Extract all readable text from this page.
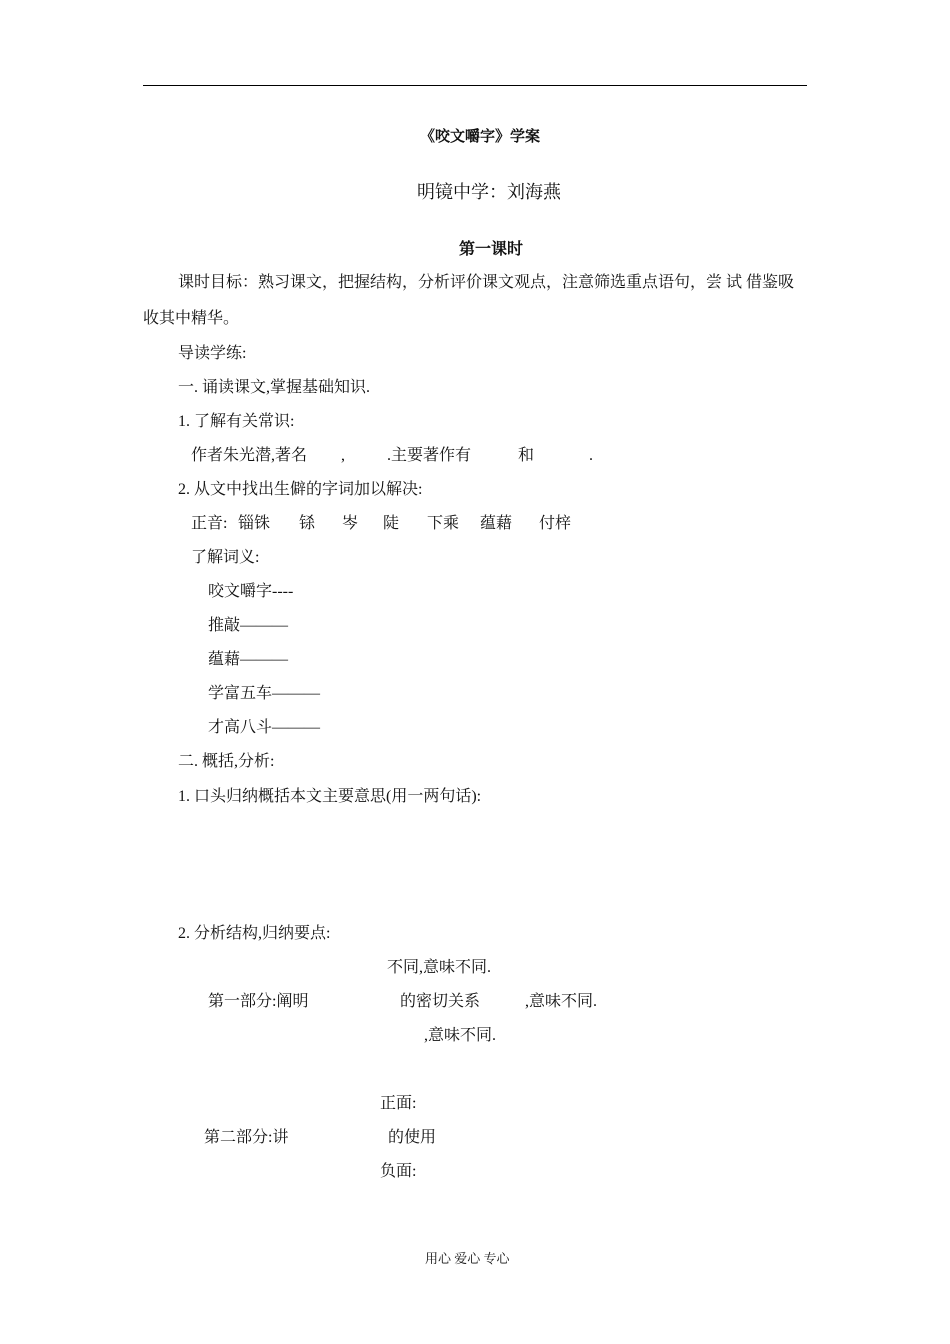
《咬文嚼字》学案
明镜中学：刘海燕
第一课时
课时目标：熟习课文，把握结构，分析评价课文观点，注意筛选重点语句，尝 试 借鉴吸
收其中精华。
导读学练:
一. 诵读课文,掌握基础知识.
1. 了解有关常识:
作者朱光潜,著名 ,	.主要著作有	和	.
2. 从文中找出生僻的字词加以解决:
正音: 锱铢 铩 岑 陡 下乘 蕴藉 付梓
了解词义:
咬文嚼字----
推敲———
蕴藉———
学富五车———
才高八斗———
二. 概括,分析:
1. 口头归纳概括本文主要意思(用一两句话):
2. 分析结构,归纳要点:
不同,意味不同.
第一部分:阐明	的密切关系	,意味不同.
,意味不同.
正面:
第二部分:讲	的使用
负面:
用心 爱心 专心
